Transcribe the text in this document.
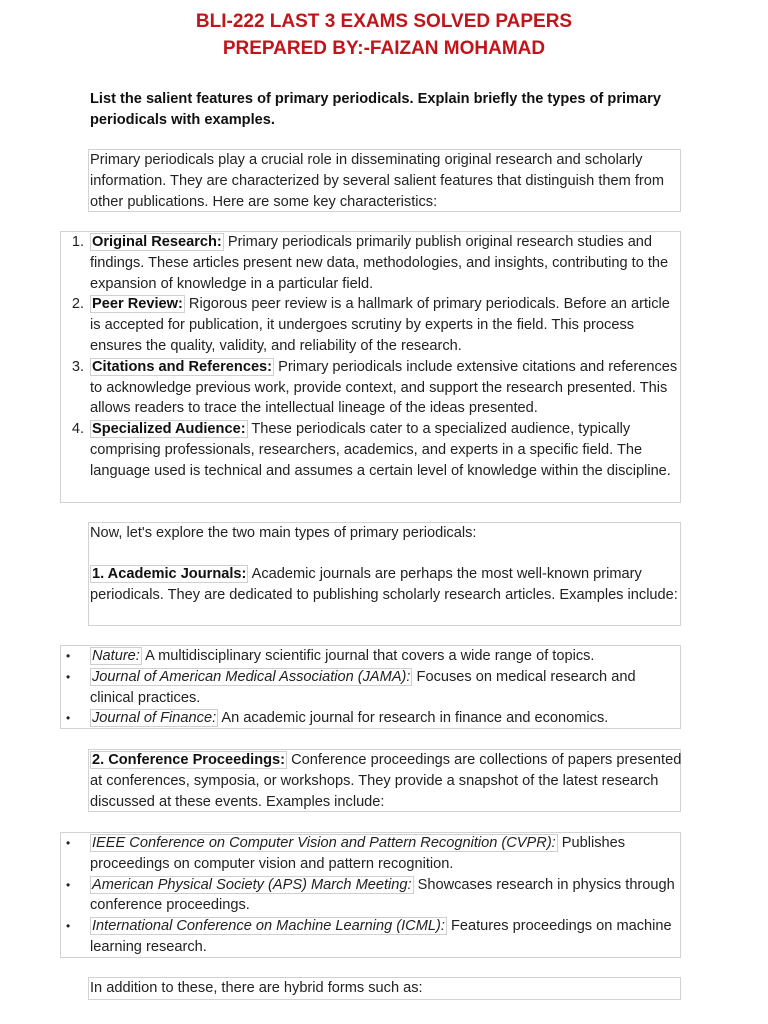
BLI-222 LAST 3 EXAMS SOLVED PAPERS
PREPARED BY:-FAIZAN MOHAMAD
List the salient features of primary periodicals. Explain briefly the types of primary periodicals with examples.
Primary periodicals play a crucial role in disseminating original research and scholarly information. They are characterized by several salient features that distinguish them from other publications. Here are some key characteristics:
1. Original Research: Primary periodicals primarily publish original research studies and findings. These articles present new data, methodologies, and insights, contributing to the expansion of knowledge in a particular field.
2. Peer Review: Rigorous peer review is a hallmark of primary periodicals. Before an article is accepted for publication, it undergoes scrutiny by experts in the field. This process ensures the quality, validity, and reliability of the research.
3. Citations and References: Primary periodicals include extensive citations and references to acknowledge previous work, provide context, and support the research presented. This allows readers to trace the intellectual lineage of the ideas presented.
4. Specialized Audience: These periodicals cater to a specialized audience, typically comprising professionals, researchers, academics, and experts in a specific field. The language used is technical and assumes a certain level of knowledge within the discipline.
Now, let's explore the two main types of primary periodicals:
1. Academic Journals: Academic journals are perhaps the most well-known primary periodicals. They are dedicated to publishing scholarly research articles. Examples include:
• Nature: A multidisciplinary scientific journal that covers a wide range of topics.
• Journal of American Medical Association (JAMA): Focuses on medical research and clinical practices.
• Journal of Finance: An academic journal for research in finance and economics.
2. Conference Proceedings: Conference proceedings are collections of papers presented at conferences, symposia, or workshops. They provide a snapshot of the latest research discussed at these events. Examples include:
• IEEE Conference on Computer Vision and Pattern Recognition (CVPR): Publishes proceedings on computer vision and pattern recognition.
• American Physical Society (APS) March Meeting: Showcases research in physics through conference proceedings.
• International Conference on Machine Learning (ICML): Features proceedings on machine learning research.
In addition to these, there are hybrid forms such as:
